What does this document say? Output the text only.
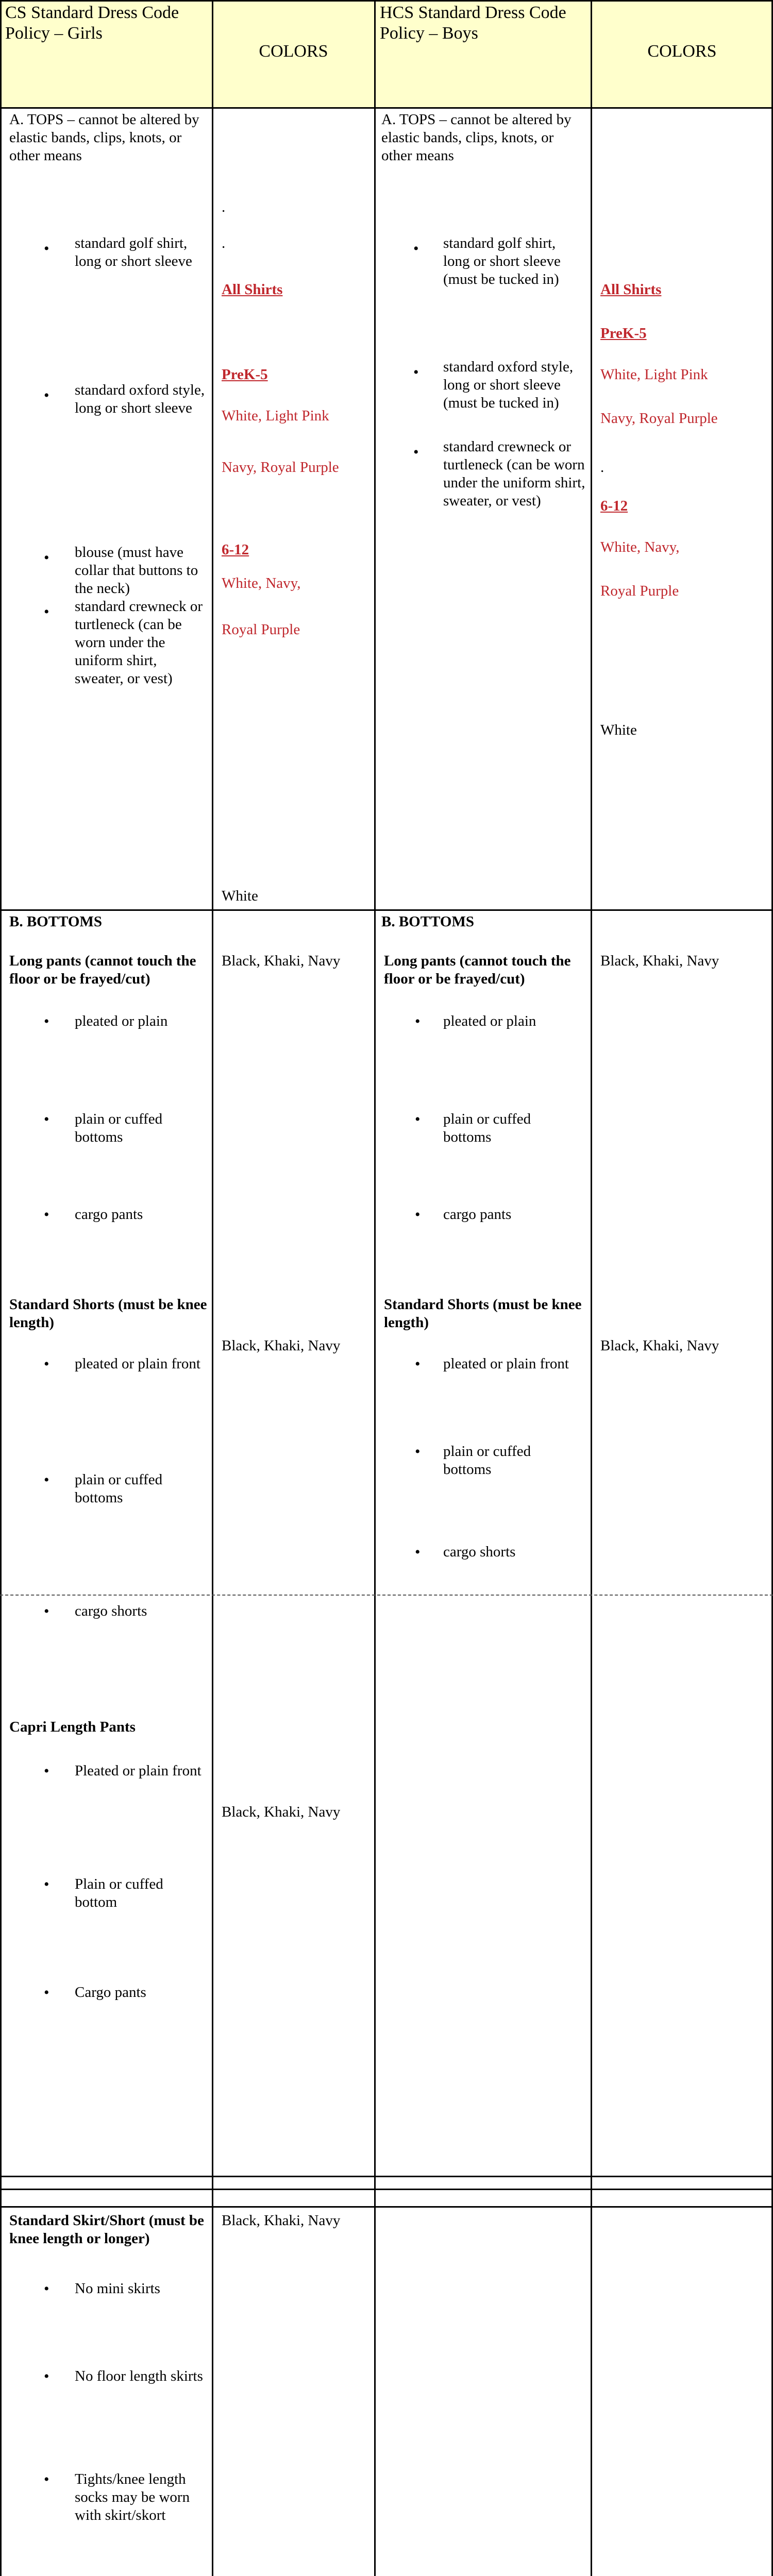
CS Standard Dress Code Policy – Girls
COLORS
HCS Standard Dress Code Policy – Boys
COLORS
A. TOPS – cannot be altered by elastic bands, clips, knots, or other means
• standard golf shirt, long or short sleeve
• standard oxford style, long or short sleeve
• blouse (must have collar that buttons to the neck)
• standard crewneck or turtleneck (can be worn under the uniform shirt, sweater, or vest)
.
.
All Shirts
PreK-5
White, Light Pink
Navy, Royal Purple
6-12
White, Navy,
Royal Purple
White
A. TOPS – cannot be altered by elastic bands, clips, knots, or other means
• standard golf shirt, long or short sleeve (must be tucked in)
• standard oxford style, long or short sleeve (must be tucked in)
• standard crewneck or turtleneck (can be worn under the uniform shirt, sweater, or vest)
All Shirts
PreK-5
White, Light Pink
Navy, Royal Purple
.
6-12
White, Navy,
Royal Purple
White
B. BOTTOMS	B. BOTTOMS
Long pants (cannot touch the floor or be frayed/cut)
Black, Khaki, Navy
• pleated or plain
• plain or cuffed bottoms
• cargo pants
Long pants (cannot touch the floor or be frayed/cut)
Black, Khaki, Navy
• pleated or plain
• plain or cuffed bottoms
• cargo pants
Standard Shorts (must be knee length)
Black, Khaki, Navy
• pleated or plain front
• plain or cuffed bottoms
• cargo shorts
Standard Shorts (must be knee length)
Black, Khaki, Navy
• pleated or plain front
• plain or cuffed bottoms
• cargo shorts
Capri Length Pants
Black, Khaki, Navy
• Pleated or plain front
• Plain or cuffed bottom
• Cargo pants
Standard Skirt/Short (must be knee length or longer)
Black, Khaki, Navy
• No mini skirts
• No floor length skirts
• Tights/knee length socks may be worn with skirt/skort
